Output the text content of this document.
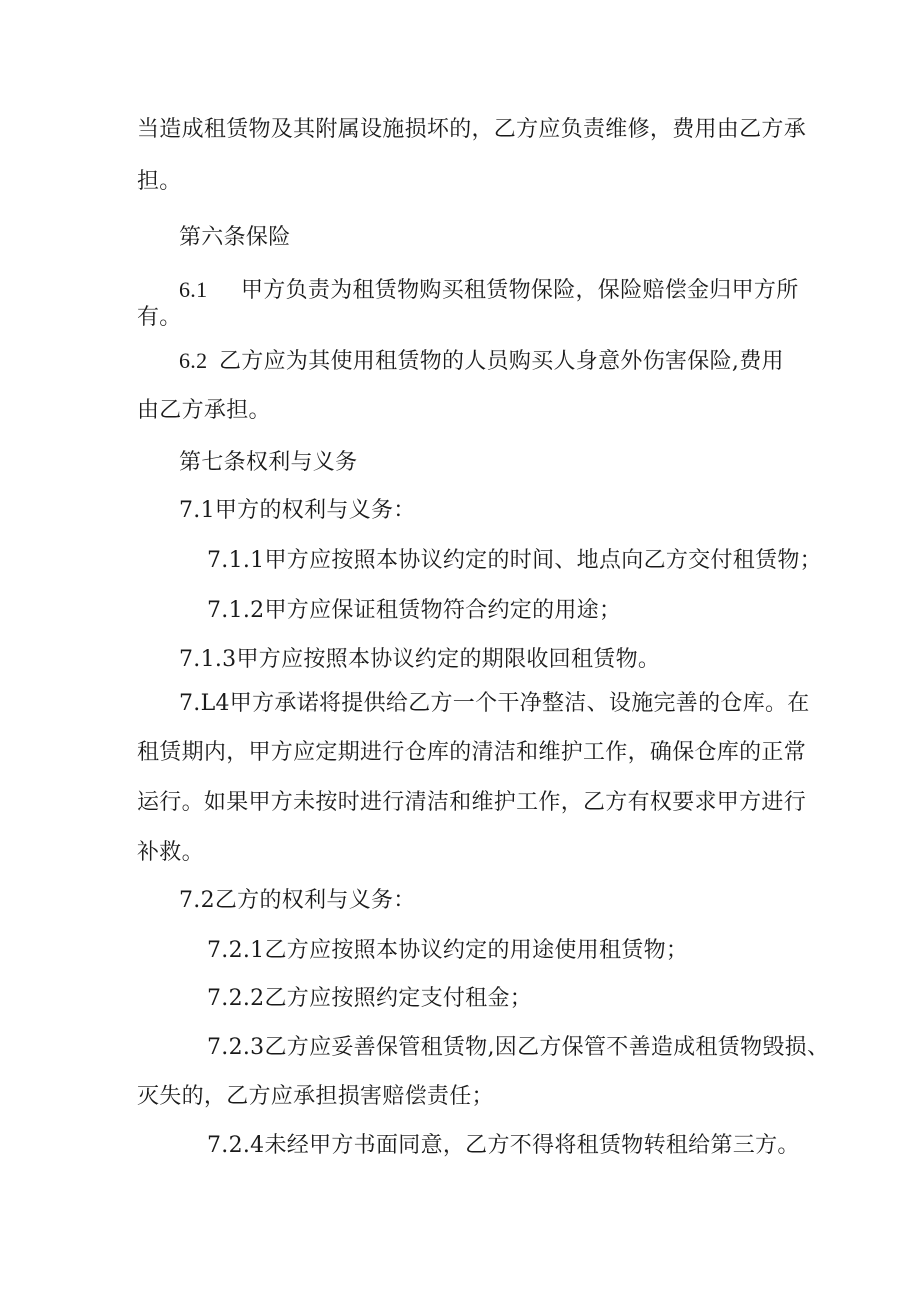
当造成租赁物及其附属设施损坏的，乙方应负责维修，费用由乙方承

担。

第六条保险

6.1 甲方负责为租赁物购买租赁物保险，保险赔偿金归甲方所

有。

6.2 乙方应为其使用租赁物的人员购买人身意外伤害保险,费用

由乙方承担。

第七条权利与义务

7.1甲方的权利与义务：

7.1.1甲方应按照本协议约定的时间、地点向乙方交付租赁物；

7.1.2甲方应保证租赁物符合约定的用途；

7.1.3甲方应按照本协议约定的期限收回租赁物。

7.L4甲方承诺将提供给乙方一个干净整洁、设施完善的仓库。在

租赁期内，甲方应定期进行仓库的清洁和维护工作，确保仓库的正常

运行。如果甲方未按时进行清洁和维护工作，乙方有权要求甲方进行

补救。

7.2乙方的权利与义务：

7.2.1乙方应按照本协议约定的用途使用租赁物；

7.2.2乙方应按照约定支付租金；

7.2.3乙方应妥善保管租赁物,因乙方保管不善造成租赁物毁损、

灭失的，乙方应承担损害赔偿责任；

7.2.4未经甲方书面同意，乙方不得将租赁物转租给第三方。
